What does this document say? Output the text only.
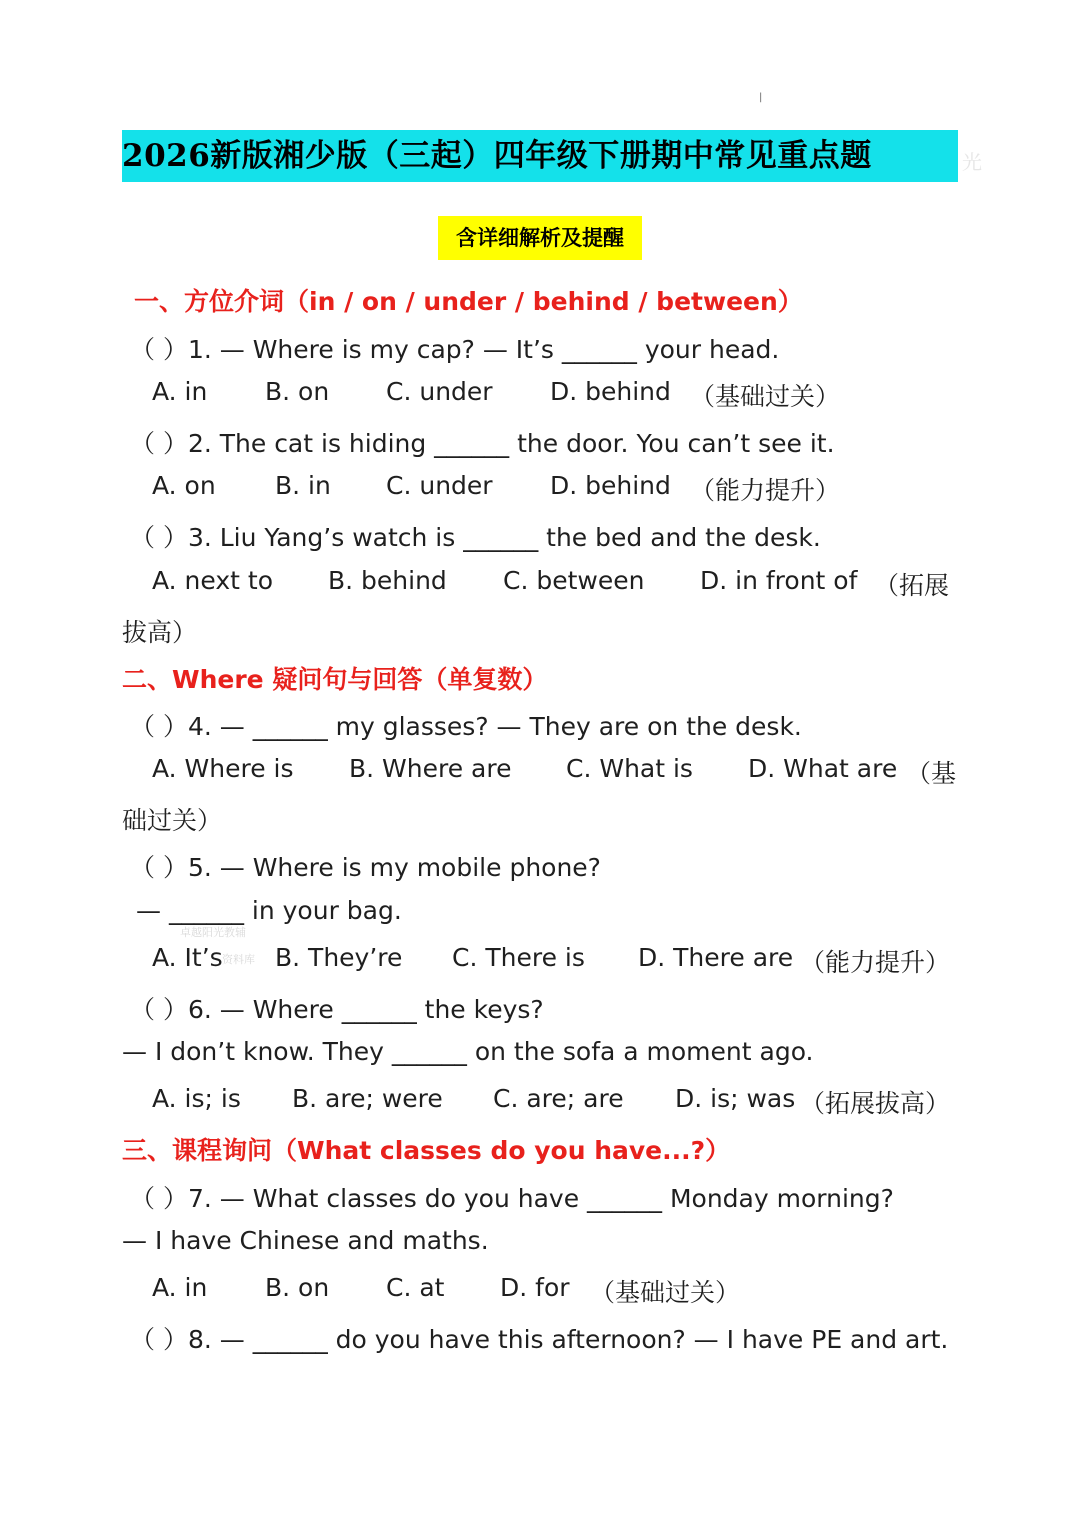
|
2026新版湘少版（三起）四年级下册期中常见重点题	光
含详细解析及提醒
一、方位介词（in / on / under / behind / between）
（ ）1. — Where is my cap? — It’s ______ your head.
A. in B. on C. under D. behind （基础过关）
（ ）2. The cat is hiding ______ the door. You can’t see it.
A. on B. in C. under D. behind （能力提升）
（ ）3. Liu Yang’s watch is ______ the bed and the desk.
A. next to B. behind C. between D. in front of （拓展
拔高）
二、Where 疑问句与回答（单复数）
（ ）4. — ______ my glasses? — They are on the desk.
A. Where is B. Where are C. What is D. What are （基
础过关）
（ ）5. — Where is my mobile phone?
— ______ in your bag.
卓越阳光教辅
资料库
A. It’s B. They’re C. There is D. There are （能力提升）
（ ）6. — Where ______ the keys?
— I don’t know. They ______ on the sofa a moment ago.
A. is; is B. are; were C. are; are D. is; was （拓展拔高）
三、课程询问（What classes do you have...?）
（ ）7. — What classes do you have ______ Monday morning?
— I have Chinese and maths.
A. in B. on C. at D. for （基础过关）
（ ）8. — ______ do you have this afternoon? — I have PE and art.
